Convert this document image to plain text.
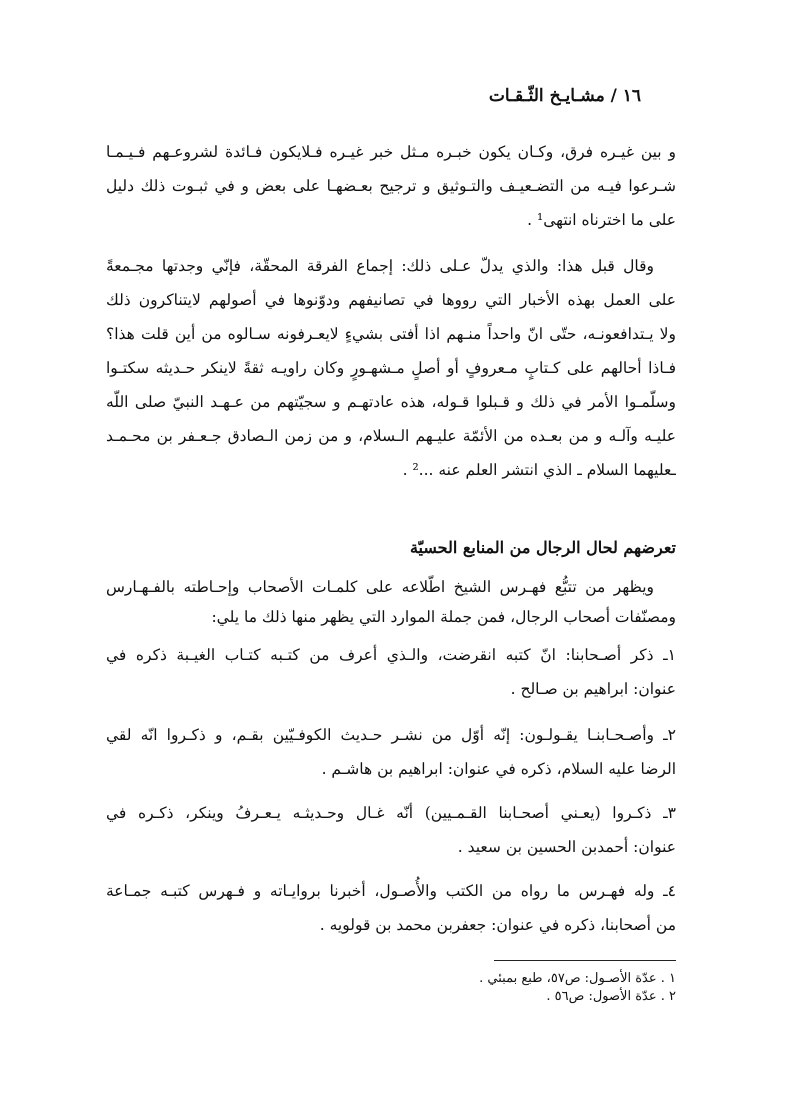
١٦ / مشـايـخ الثّـقـات
و بين غيـره فرق، وكـان يكون خبـره مـثل خبر غيـره فـلايكون فـائدة لشروعـهم فـيـمـا
شـرعوا فيـه من التضـعيـف والتـوثيق و ترجيح بعـضهـا على بعض و في ثبـوت ذلك دليل
على ما اخترناه انتهى¹ .
وقال قبل هذا: والذي يدلّ عـلى ذلك: إجماع الفرقة المحقّة، فإنّي وجدتها مجـمعةً
على العمل بهذه الأخبار التي رووها في تصانيفهم ودوّنوها في أصولهم لايتناكرون ذلك
ولا يـتدافعونـه، حتّى انّ واحداً منـهم اذا أفتى بشيءٍ لايعـرفونه سـالوه من أين قلت هذا؟
فـاذا أحالهم على كـتابٍ مـعروفٍ أو أصلٍ مـشهـورٍ وكان راويـه ثقةً لاينكر حـديثه سكتـوا
وسلّمـوا الأمر في ذلك و قـبلوا قـوله، هذه عادتهـم و سجيّتهم من عـهـد النبيّ صلى اللّه
عليـه وآلـه و من بعـده من الأئمّة عليـهم الـسلام، و من زمن الـصادق جـعـفر بن محـمـد
ـعليهما السلام ـ الذي انتشر العلم عنه ...² .
تعرضهم لحال الرجال من المنابع الحسيّة
ويظهر من تتبُّع فهـرس الشيخ اطّلاعه على كلمـات الأصحاب وإحـاطته بالفـهـارس
ومصنّفات أصحاب الرجال، فمن جملة الموارد التي يظهر منها ذلك ما يلي:
١ـ ذكر أصـحابنا: انّ كتبه انقرضت، والـذي أعرف من كتـبه كتـاب الغيـبة ذكره في
عنوان: ابراهيم بن صـالح .
٢ـ وأصـحـابنـا يقـولـون: إنّه أوّل من نشـر حـديث الكوفـيّين بقـم، و ذكـروا انّه لقي
الرضا عليه السلام، ذكره في عنوان: ابراهيم بن هاشـم .
٣ـ ذكـروا (يعـني أصحـابنا القـمـيين) أنّه غـال وحـديثـه يـعـرفُ وينكر، ذكـره في
عنوان: أحمدبن الحسين بن سعيد .
٤ـ وله فهـرس ما رواه من الكتب والأُصـول، أخبرنا بروايـاته و فـهرس كتبـه جمـاعة
من أصحابنا، ذكره في عنوان: جعفربن محمد بن قولويه .
١ . عدّة الأصـول: ص٥٧، طبع بمبئي .
٢ . عدّة الأصول: ص٥٦ .
